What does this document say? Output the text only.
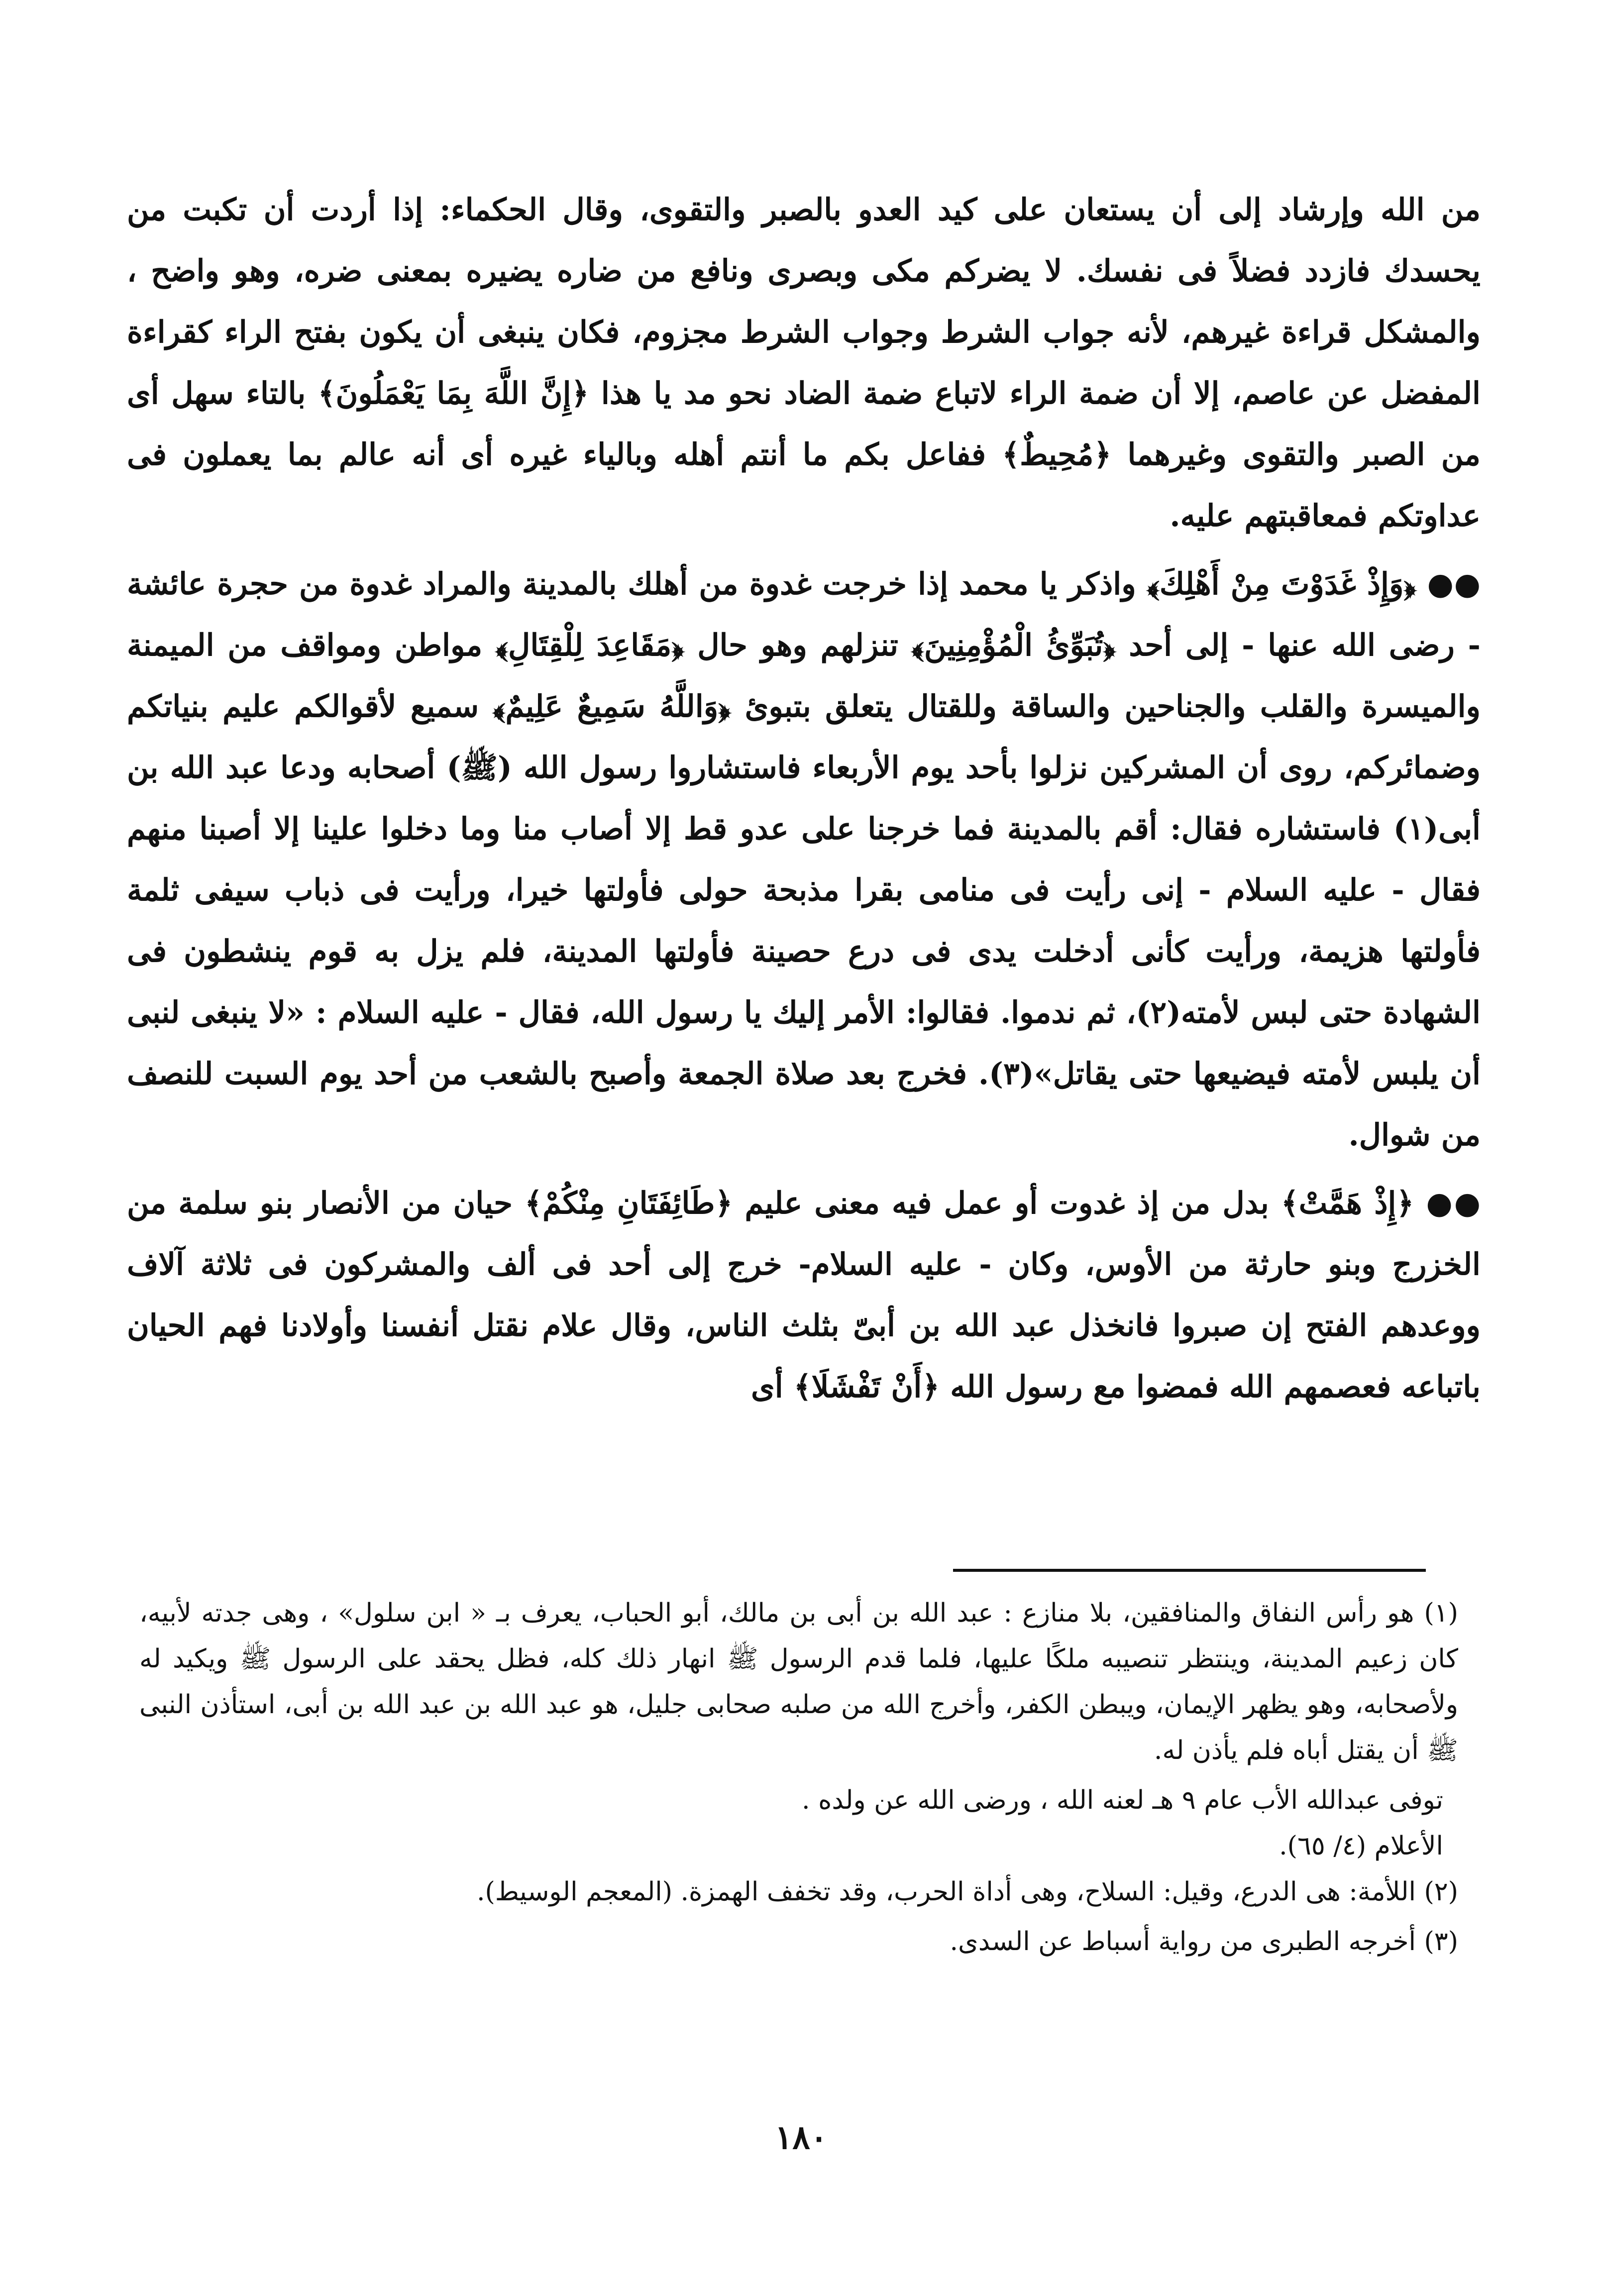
من الله وإرشاد إلى أن يستعان على كيد العدو بالصبر والتقوى، وقال الحكماء: إذا أردت أن تكبت من يحسدك فازدد فضلاً فى نفسك. لا يضركم مكى وبصرى ونافع من ضاره يضيره بمعنى ضره، وهو واضح ، والمشكل قراءة غيرهم، لأنه جواب الشرط وجواب الشرط مجزوم، فكان ينبغى أن يكون بفتح الراء كقراءة المفضل عن عاصم، إلا أن ضمة الراء لاتباع ضمة الضاد نحو مد يا هذا ﴿إِنَّ اللَّهَ بِمَا يَعْمَلُونَ﴾ بالتاء سهل أى من الصبر والتقوى وغيرهما ﴿مُحِيطٌ﴾ ففاعل بكم ما أنتم أهله وبالياء غيره أى أنه عالم بما يعملون فى عداوتكم فمعاقبتهم عليه.

●● ﴿وَإِذْ غَدَوْتَ مِنْ أَهْلِكَ﴾ واذكر يا محمد إذا خرجت غدوة من أهلك بالمدينة والمراد غدوة من حجرة عائشة - رضى الله عنها - إلى أحد ﴿تُبَوِّئُ الْمُؤْمِنِينَ﴾ تنزلهم وهو حال ﴿مَقَاعِدَ لِلْقِتَالِ﴾ مواطن ومواقف من الميمنة والميسرة والقلب والجناحين والساقة وللقتال يتعلق بتبوئ ﴿وَاللَّهُ سَمِيعٌ عَلِيمٌ﴾ سميع لأقوالكم عليم بنياتكم وضمائركم، روى أن المشركين نزلوا بأحد يوم الأربعاء فاستشاروا رسول الله (ﷺ) أصحابه ودعا عبد الله بن أبى(١) فاستشاره فقال: أقم بالمدينة فما خرجنا على عدو قط إلا أصاب منا وما دخلوا علينا إلا أصبنا منهم فقال - عليه السلام - إنى رأيت فى منامى بقرا مذبحة حولى فأولتها خيرا، ورأيت فى ذباب سيفى ثلمة فأولتها هزيمة، ورأيت كأنى أدخلت يدى فى درع حصينة فأولتها المدينة، فلم يزل به قوم ينشطون فى الشهادة حتى لبس لأمته(٢)، ثم ندموا. فقالوا: الأمر إليك يا رسول الله، فقال - عليه السلام : «لا ينبغى لنبى أن يلبس لأمته فيضيعها حتى يقاتل»(٣). فخرج بعد صلاة الجمعة وأصبح بالشعب من أحد يوم السبت للنصف من شوال.

●● ﴿إِذْ هَمَّتْ﴾ بدل من إذ غدوت أو عمل فيه معنى عليم ﴿طَائِفَتَانِ مِنْكُمْ﴾ حيان من الأنصار بنو سلمة من الخزرج وبنو حارثة من الأوس، وكان - عليه السلام- خرج إلى أحد فى ألف والمشركون فى ثلاثة آلاف ووعدهم الفتح إن صبروا فانخذل عبد الله بن أبىّ بثلث الناس، وقال علام نقتل أنفسنا وأولادنا فهم الحيان باتباعه فعصمهم الله فمضوا مع رسول الله ﴿أَنْ تَفْشَلَا﴾ أى

(١) هو رأس النفاق والمنافقين، بلا منازع : عبد الله بن أبى بن مالك، أبو الحباب، يعرف بـ « ابن سلول» ، وهى جدته لأبيه، كان زعيم المدينة، وينتظر تنصيبه ملكًا عليها، فلما قدم الرسول ﷺ انهار ذلك كله، فظل يحقد على الرسول ﷺ ويكيد له ولأصحابه، وهو يظهر الإيمان، ويبطن الكفر، وأخرج الله من صلبه صحابى جليل، هو عبد الله بن عبد الله بن أبى، استأذن النبى ﷺ أن يقتل أباه فلم يأذن له.

توفى عبدالله الأب عام ٩ هـ لعنه الله ، ورضى الله عن ولده .

الأعلام (٤/ ٦٥).

(٢) اللأمة: هى الدرع، وقيل: السلاح، وهى أداة الحرب، وقد تخفف الهمزة. (المعجم الوسيط).

(٣) أخرجه الطبرى من رواية أسباط عن السدى.

١٨٠
